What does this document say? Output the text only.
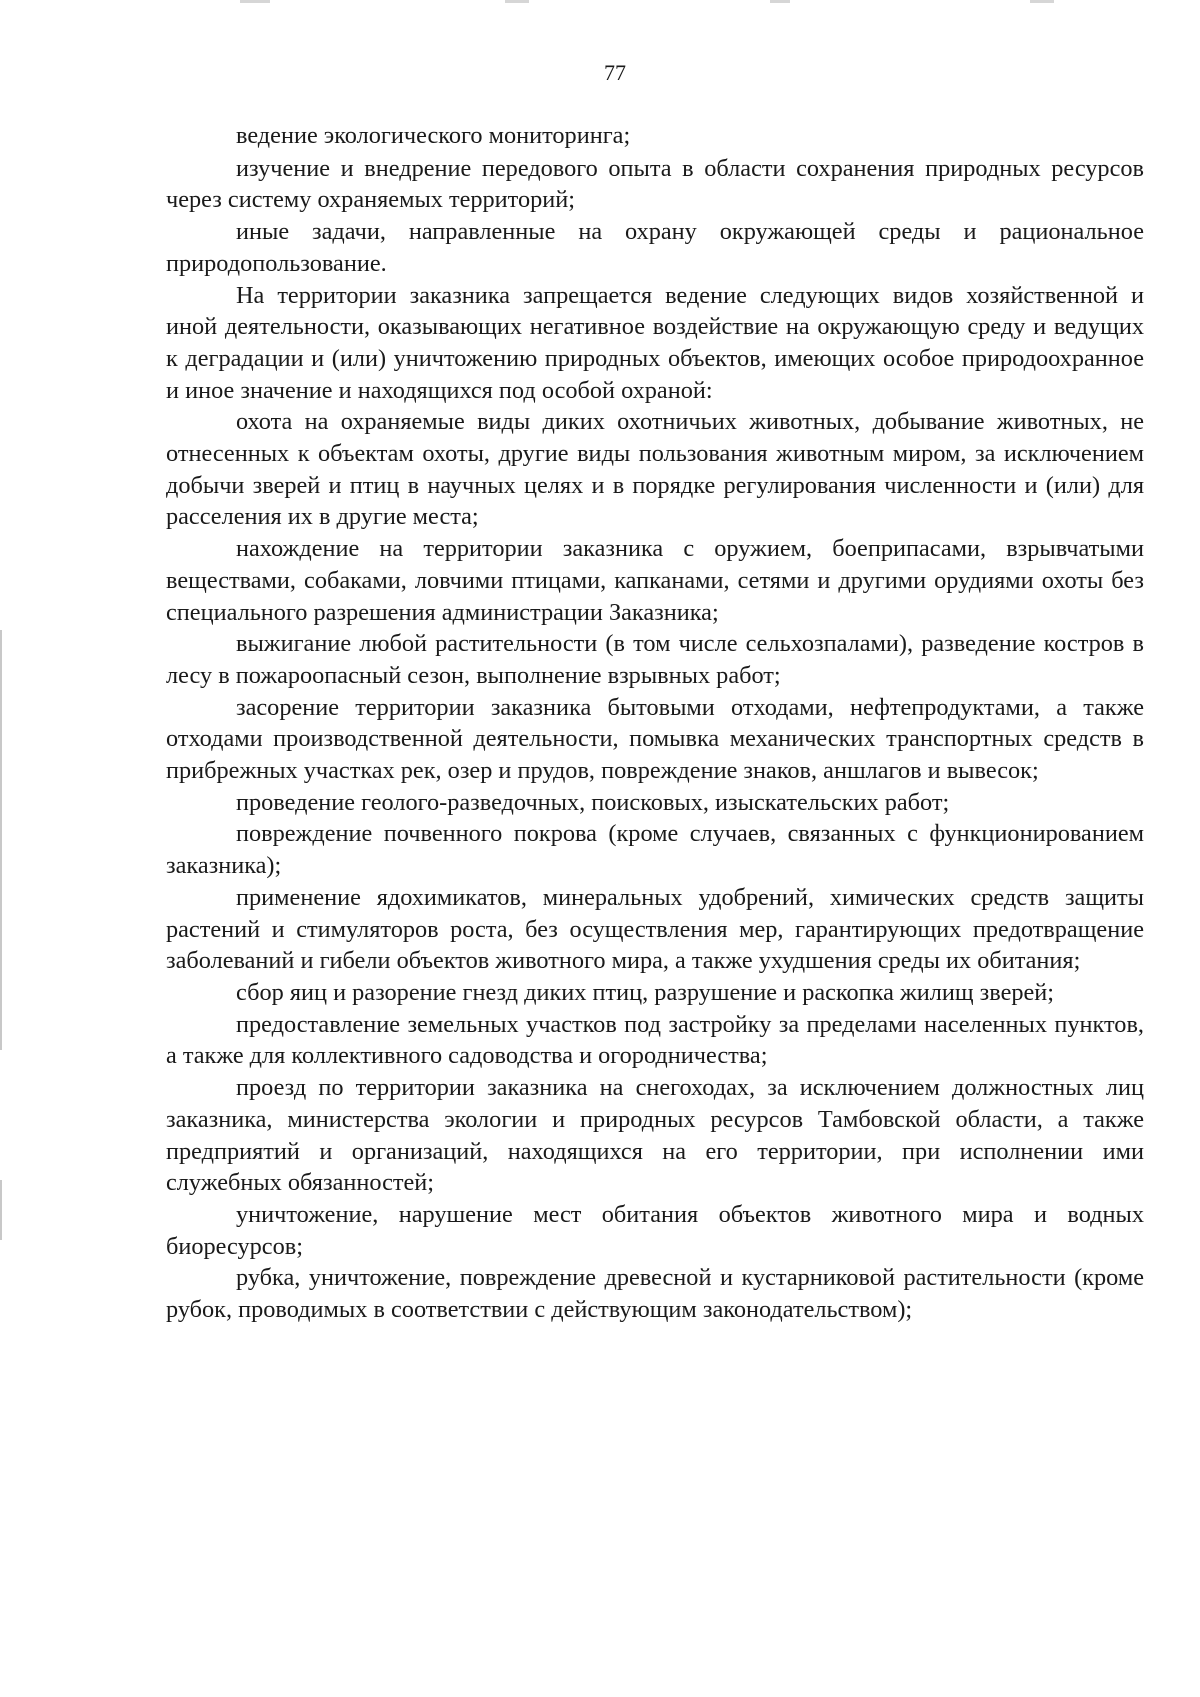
77

ведение экологического мониторинга;

изучение и внедрение передового опыта в области сохранения природных ресурсов через систему охраняемых территорий;

иные задачи, направленные на охрану окружающей среды и рациональное природопользование.

На территории заказника запрещается ведение следующих видов хозяйственной и иной деятельности, оказывающих негативное воздействие на окружающую среду и ведущих к деградации и (или) уничтожению природных объектов, имеющих особое природоохранное и иное значение и находящихся под особой охраной:

охота на охраняемые виды диких охотничьих животных, добывание животных, не отнесенных к объектам охоты, другие виды пользования животным миром, за исключением добычи зверей и птиц в научных целях и в порядке регулирования численности и (или) для расселения их в другие места;

нахождение на территории заказника с оружием, боеприпасами, взрывчатыми веществами, собаками, ловчими птицами, капканами, сетями и другими орудиями охоты без специального разрешения администрации Заказника;

выжигание любой растительности (в том числе сельхозпалами), разведение костров в лесу в пожароопасный сезон, выполнение взрывных работ;

засорение территории заказника бытовыми отходами, нефтепродуктами, а также отходами производственной деятельности, помывка механических транспортных средств в прибрежных участках рек, озер и прудов, повреждение знаков, аншлагов и вывесок;

проведение геолого-разведочных, поисковых, изыскательских работ;

повреждение почвенного покрова (кроме случаев, связанных с функционированием заказника);

применение ядохимикатов, минеральных удобрений, химических средств защиты растений и стимуляторов роста, без осуществления мер, гарантирующих предотвращение заболеваний и гибели объектов животного мира, а также ухудшения среды их обитания;

сбор яиц и разорение гнезд диких птиц, разрушение и раскопка жилищ зверей;

предоставление земельных участков под застройку за пределами населенных пунктов, а также для коллективного садоводства и огородничества;

проезд по территории заказника на снегоходах, за исключением должностных лиц заказника, министерства экологии и природных ресурсов Тамбовской области, а также предприятий и организаций, находящихся на его территории, при исполнении ими служебных обязанностей;

уничтожение, нарушение мест обитания объектов животного мира и водных биоресурсов;

рубка, уничтожение, повреждение древесной и кустарниковой растительности (кроме рубок, проводимых в соответствии с действующим законодательством);
